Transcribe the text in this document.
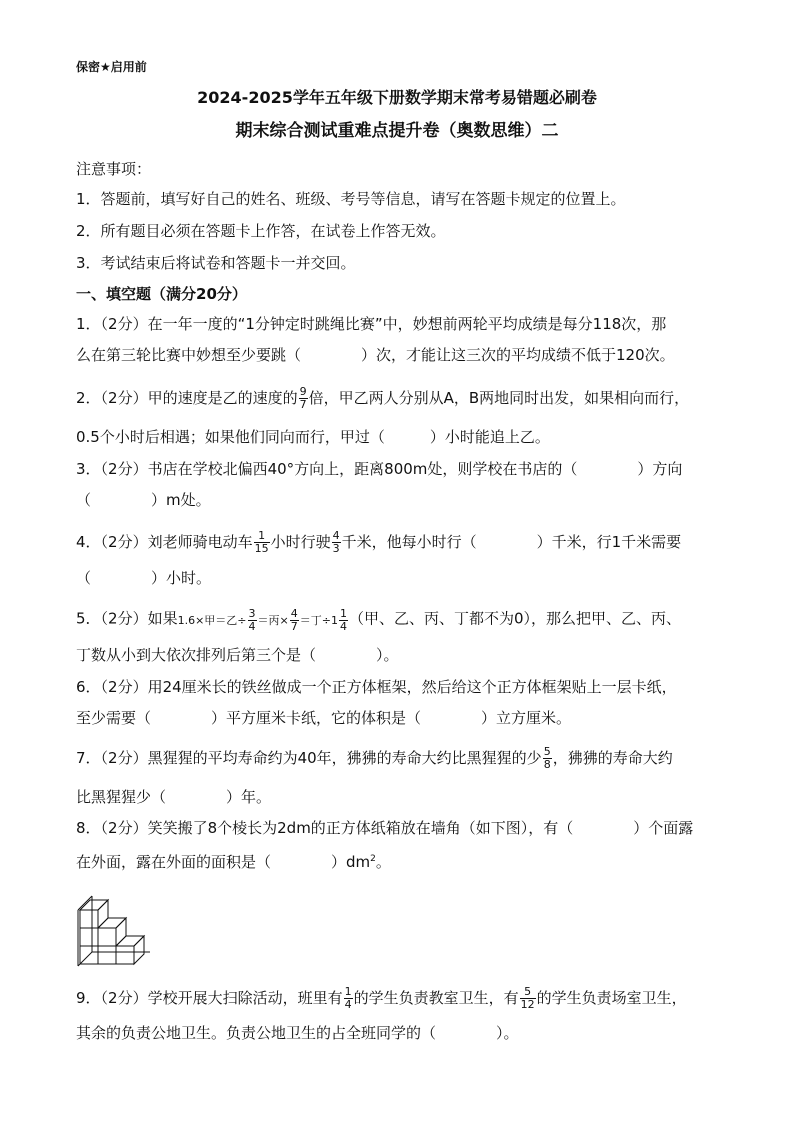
保密★启用前
2024-2025学年五年级下册数学期末常考易错题必刷卷
期末综合测试重难点提升卷（奥数思维）二
注意事项：
1．答题前，填写好自己的姓名、班级、考号等信息，请写在答题卡规定的位置上。
2．所有题目必须在答题卡上作答，在试卷上作答无效。
3．考试结束后将试卷和答题卡一并交回。
一、填空题（满分20分）
1．（2分）在一年一度的“1分钟定时跳绳比赛”中，妙想前两轮平均成绩是每分118次，那
么在第三轮比赛中妙想至少要跳（　　　　）次，才能让这三次的平均成绩不低于120次。
2．（2分）甲的速度是乙的速度的 $\frac{9}{7}$ 倍，甲乙两人分别从A，B两地同时出发，如果相向而行，
0.5个小时后相遇；如果他们同向而行，甲过（　　　）小时能追上乙。
3．（2分）书店在学校北偏西40°方向上，距离800m处，则学校在书店的（　　　　）方向
（　　　　）m处。
4．（2分）刘老师骑电动车 $\frac{1}{15}$ 小时行驶 $\frac{4}{3}$ 千米，他每小时行（　　　　）千米，行1千米需要
（　　　　）小时。
5．（2分）如果1.6×甲＝乙÷ $\frac{3}{4}$ ＝丙× $\frac{4}{7}$ ＝丁$\div 1 \frac{1}{4}$ （甲、乙、丙、丁都不为0），那么把甲、乙、丙、
丁数从小到大依次排列后第三个是（　　　　）。
6．（2分）用24厘米长的铁丝做成一个正方体框架，然后给这个正方体框架贴上一层卡纸，
至少需要（　　　　）平方厘米卡纸，它的体积是（　　　　）立方厘米。
7．（2分）黑猩猩的平均寿命约为40年，狒狒的寿命大约比黑猩猩的少 $\frac{5}{8}$ ，狒狒的寿命大约
比黑猩猩少（　　　　）年。
8．（2分）笑笑搬了8个棱长为2dm的正方体纸箱放在墙角（如下图），有（　　　　）个面露
在外面，露在外面的面积是（　　　　）$dm^2$。
9．（2分）学校开展大扫除活动，班里有 $\frac{1}{4}$ 的学生负责教室卫生，有 $\frac{5}{12}$ 的学生负责场室卫生，
其余的负责公地卫生。负责公地卫生的占全班同学的（　　　　）。
